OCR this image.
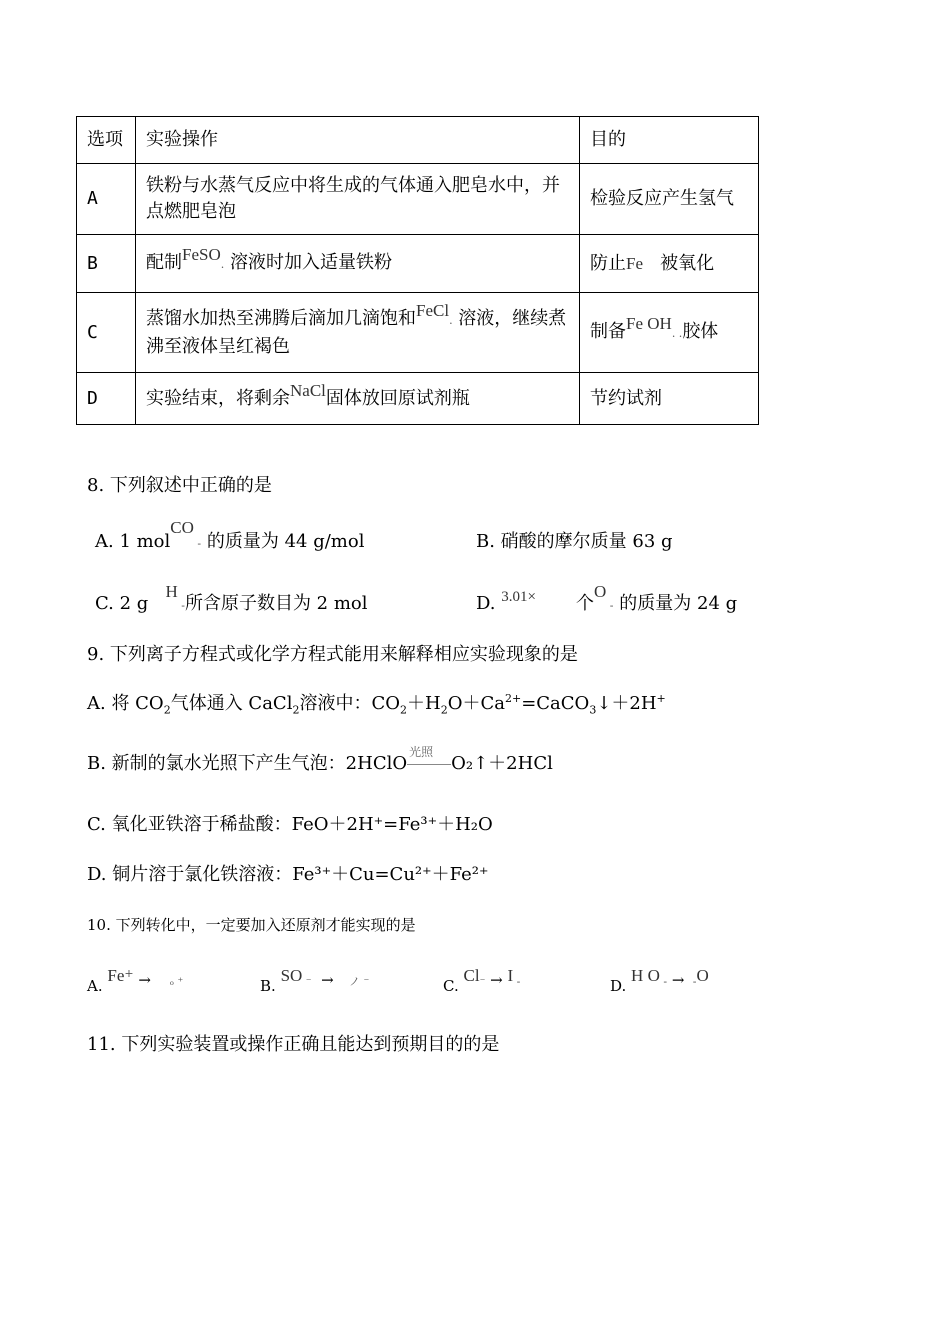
选项	实验操作	目的
A	铁粉与水蒸气反应中将生成的气体通入肥皂水中，并点燃肥皂泡	检验反应产生氢气
B	配制FeSO. 溶液时加入适量铁粉	防止Fe 被氧化
C	蒸馏水加热至沸腾后滴加几滴饱和FeCl. 溶液，继续煮沸至液体呈红褐色	制备Fe OH. .胶体
D	实验结束，将剩余NaCl固体放回原试剂瓶	节约试剂
8. 下列叙述中正确的是
A. 1 molCO - 的质量为 44 g/mol	B. 硝酸的摩尔质量 63 g
C. 2 g   H -所含原子数目为 2 mol	D. $^{3.01\times}$ 个O - 的质量为 24 g
9. 下列离子方程式或化学方程式能用来解释相应实验现象的是
A. 将 $CO_2$气体通入 CaCl$_2$溶液中：$CO_2+H_2O+Ca^{2+}=CaCO_3↓+2H^+$
B. 新制的氯水光照下产生气泡：2HClO
光照
O₂↑＋2HCl
C. 氧化亚铁溶于稀盐酸：FeO＋2H⁺=Fe³⁺＋H₂O
D. 铜片溶于氯化铁溶液：Fe³⁺＋Cu=Cu²⁺＋Fe²⁺
10. 下列转化中，一定要加入还原剂才能实现的是
A. Fe+ →     ₒ ⁺	B. SO ⁻ →    ノ ⁻	C. Cl⁻ → I -	D. H O - →  -O
11. 下列实验装置或操作正确且能达到预期目的的是
